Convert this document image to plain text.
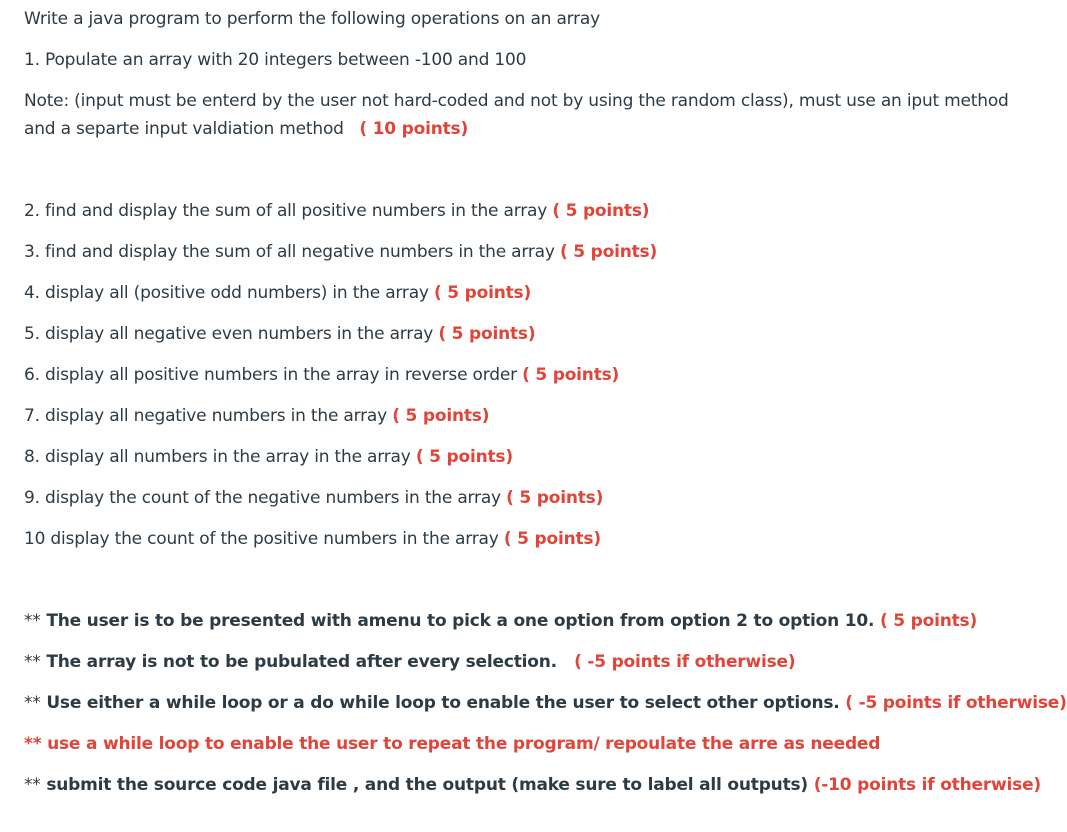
Write a java program to perform the following operations on an array
1. Populate an array with 20 integers between -100 and 100
Note: (input must be enterd by the user not hard-coded and not by using the random class), must use an iput method
and a separte input valdiation method ( 10 points)
2. find and display the sum of all positive numbers in the array ( 5 points)
3. find and display the sum of all negative numbers in the array ( 5 points)
4. display all (positive odd numbers) in the array ( 5 points)
5. display all negative even numbers in the array ( 5 points)
6. display all positive numbers in the array in reverse order ( 5 points)
7. display all negative numbers in the array ( 5 points)
8. display all numbers in the array in the array ( 5 points)
9. display the count of the negative numbers in the array ( 5 points)
10 display the count of the positive numbers in the array ( 5 points)
** The user is to be presented with amenu to pick a one option from option 2 to option 10. ( 5 points)
** The array is not to be pubulated after every selection. ( -5 points if otherwise)
** Use either a while loop or a do while loop to enable the user to select other options. ( -5 points if otherwise)
** use a while loop to enable the user to repeat the program/ repoulate the arre as needed
** submit the source code java file , and the output (make sure to label all outputs) (-10 points if otherwise)
